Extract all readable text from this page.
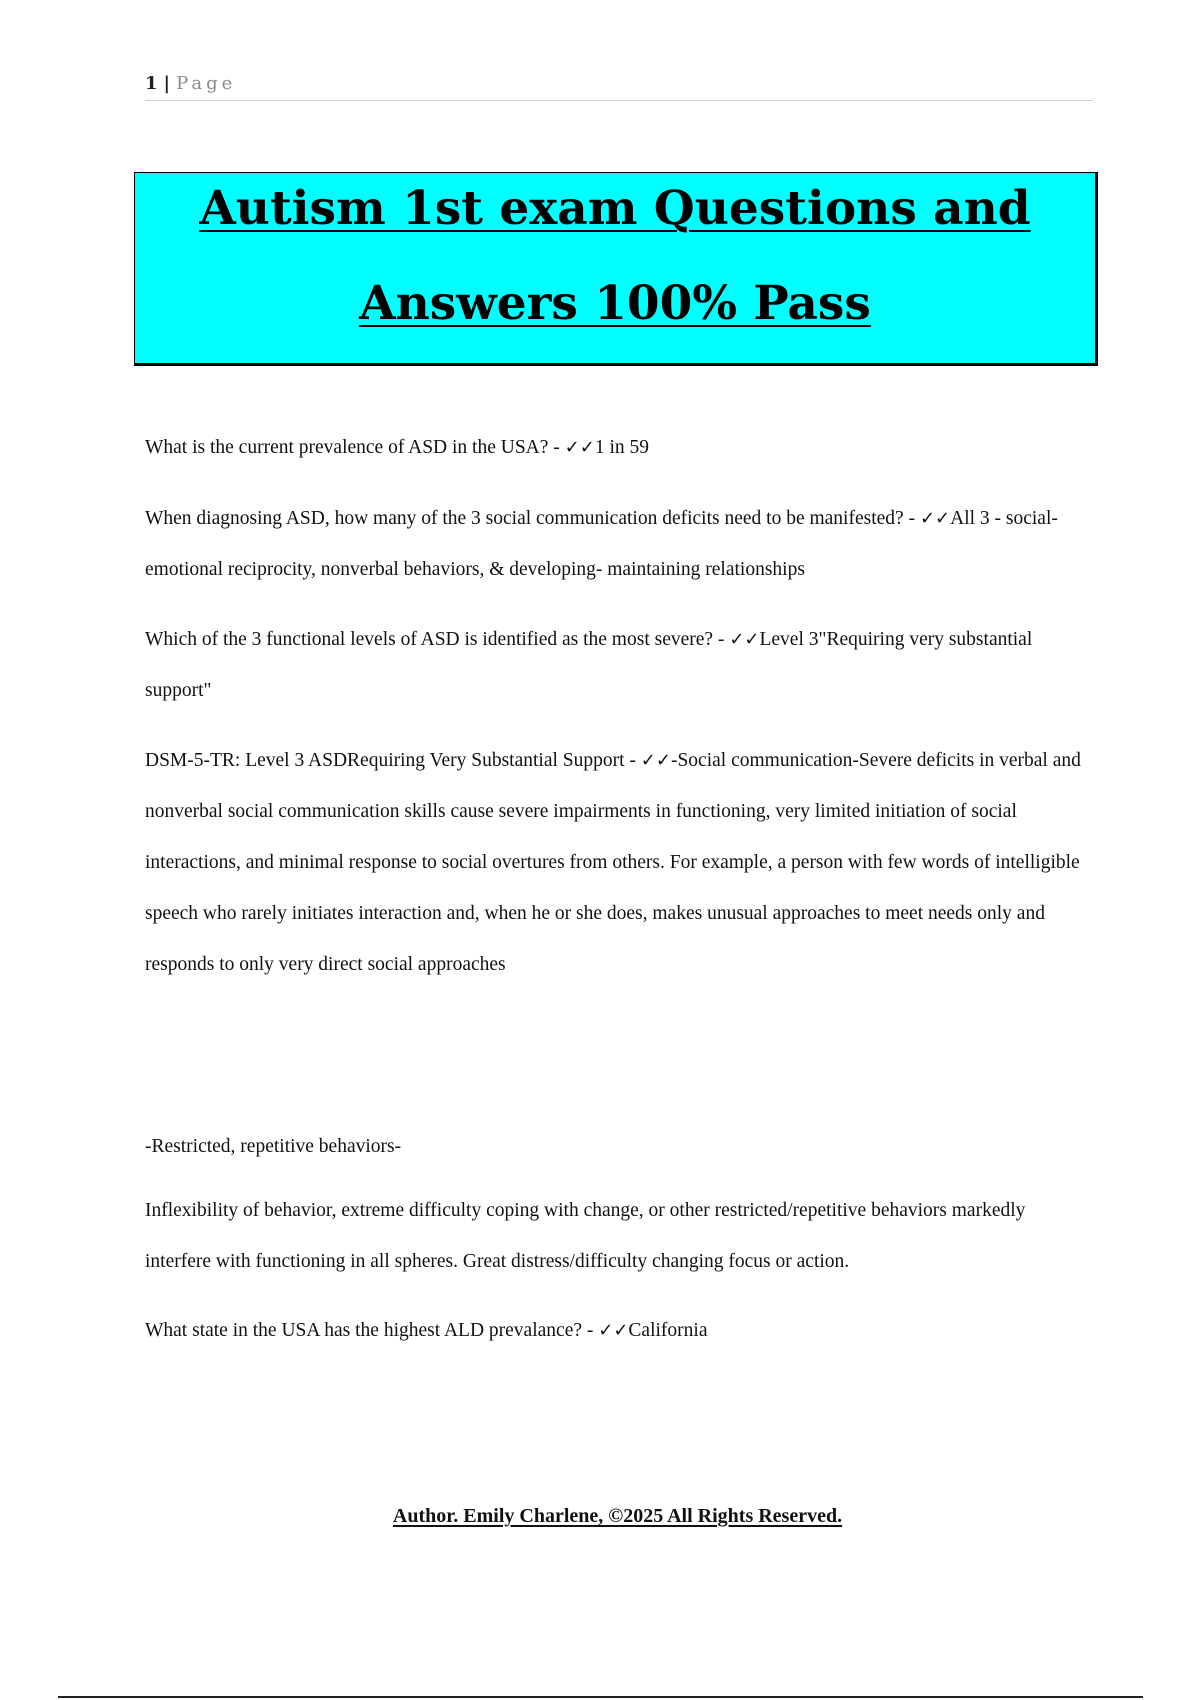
1 | Page
Autism 1st exam Questions and
Answers 100% Pass

What is the current prevalence of ASD in the USA? - ✓✓1 in 59

When diagnosing ASD, how many of the 3 social communication deficits need to be manifested? - ✓✓All 3 - social-emotional reciprocity, nonverbal behaviors, & developing- maintaining relationships

Which of the 3 functional levels of ASD is identified as the most severe? - ✓✓Level 3"Requiring very substantial support"

DSM-5-TR: Level 3 ASDRequiring Very Substantial Support - ✓✓-Social communication-Severe deficits in verbal and nonverbal social communication skills cause severe impairments in functioning, very limited initiation of social interactions, and minimal response to social overtures from others. For example, a person with few words of intelligible speech who rarely initiates interaction and, when he or she does, makes unusual approaches to meet needs only and responds to only very direct social approaches

-Restricted, repetitive behaviors-

Inflexibility of behavior, extreme difficulty coping with change, or other restricted/repetitive behaviors markedly interfere with functioning in all spheres. Great distress/difficulty changing focus or action.

What state in the USA has the highest ALD prevalance? - ✓✓California

Author. Emily Charlene, ©2025 All Rights Reserved.
